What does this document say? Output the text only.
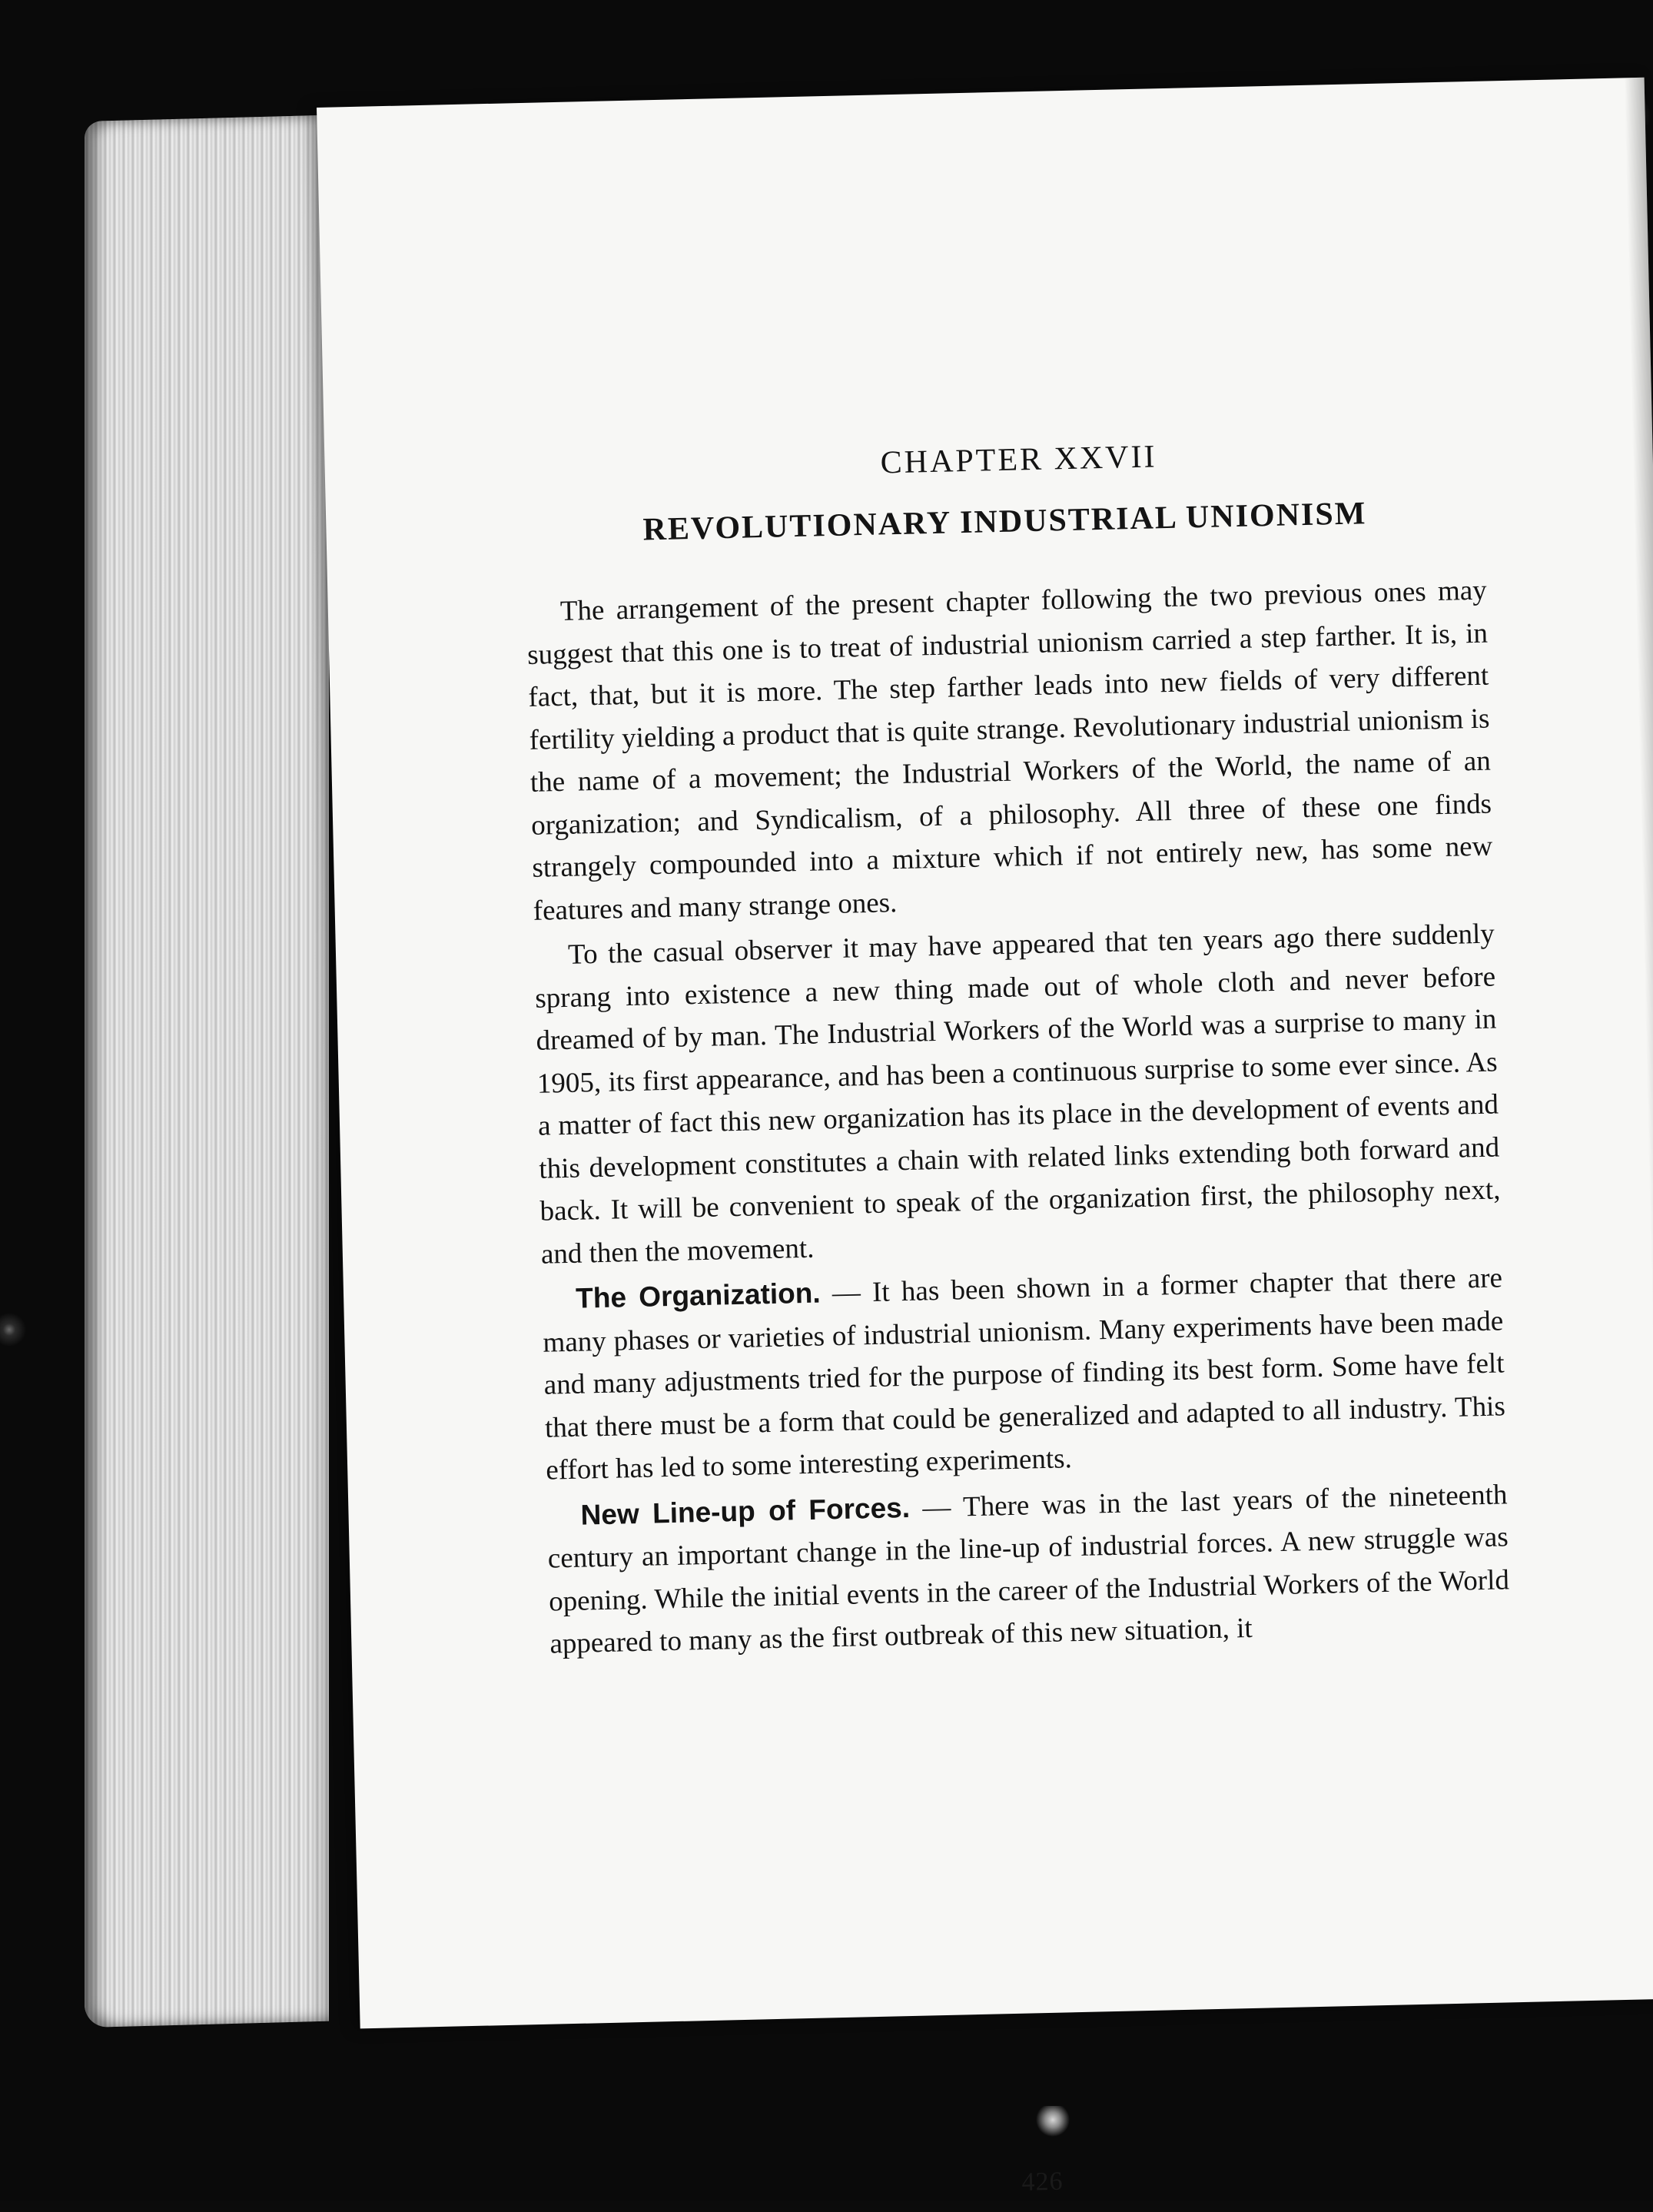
CHAPTER XXVII
REVOLUTIONARY INDUSTRIAL UNIONISM

The arrangement of the present chapter following the two previous ones may suggest that this one is to treat of industrial unionism carried a step farther. It is, in fact, that, but it is more. The step farther leads into new fields of very different fertility yielding a product that is quite strange. Revolutionary industrial unionism is the name of a movement; the Industrial Workers of the World, the name of an organization; and Syndicalism, of a philosophy. All three of these one finds strangely compounded into a mixture which if not entirely new, has some new features and many strange ones.

To the casual observer it may have appeared that ten years ago there suddenly sprang into existence a new thing made out of whole cloth and never before dreamed of by man. The Industrial Workers of the World was a surprise to many in 1905, its first appearance, and has been a continuous surprise to some ever since. As a matter of fact this new organization has its place in the development of events and this development constitutes a chain with related links extending both forward and back. It will be convenient to speak of the organization first, the philosophy next, and then the movement.

The Organization. — It has been shown in a former chapter that there are many phases or varieties of industrial unionism. Many experiments have been made and many adjustments tried for the purpose of finding its best form. Some have felt that there must be a form that could be generalized and adapted to all industry. This effort has led to some interesting experiments.

New Line-up of Forces. — There was in the last years of the nineteenth century an important change in the line-up of industrial forces. A new struggle was opening. While the initial events in the career of the Industrial Workers of the World appeared to many as the first outbreak of this new situation, it

426
